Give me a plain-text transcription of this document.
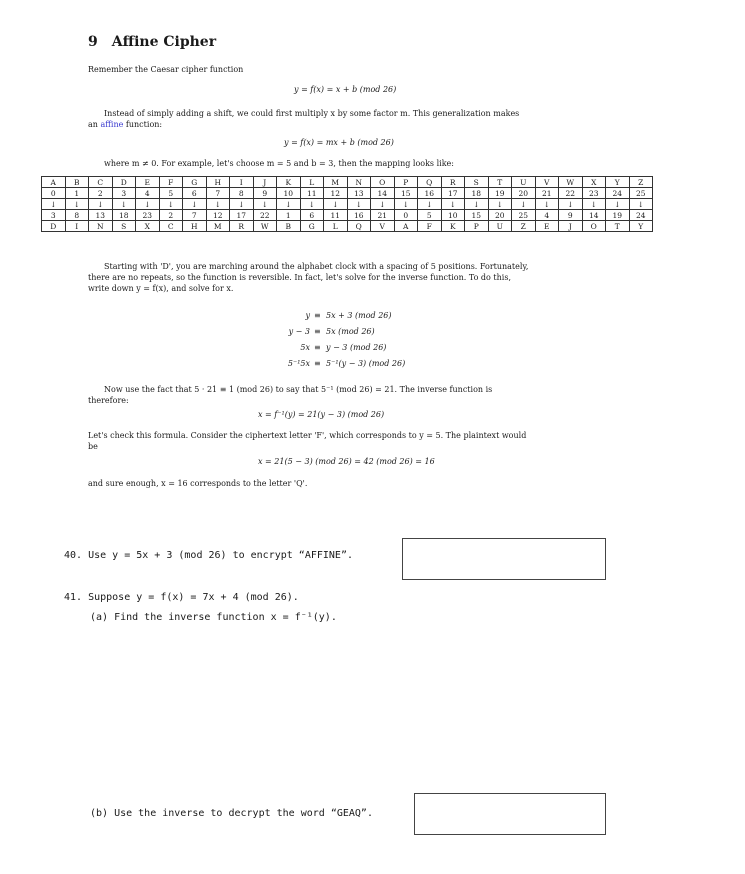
9 Affine Cipher
Remember the Caesar cipher function
y = f(x) = x + b (mod 26)
Instead of simply adding a shift, we could first multiply x by some factor m. This generalization makes
an affine function:
y = f(x) = mx + b (mod 26)
where m ≠ 0. For example, let's choose m = 5 and b = 3, then the mapping looks like:
A	B	C	D	E	F	G	H	I	J	K	L	M	N	O	P	Q	R	S	T	U	V	W	X	Y	Z
0	1	2	3	4	5	6	7	8	9	10	11	12	13	14	15	16	17	18	19	20	21	22	23	24	25
↓	↓	↓	↓	↓	↓	↓	↓	↓	↓	↓	↓	↓	↓	↓	↓	↓	↓	↓	↓	↓	↓	↓	↓	↓	↓
3	8	13	18	23	2	7	12	17	22	1	6	11	16	21	0	5	10	15	20	25	4	9	14	19	24
D	I	N	S	X	C	H	M	R	W	B	G	L	Q	V	A	F	K	P	U	Z	E	J	O	T	Y
Starting with 'D', you are marching around the alphabet clock with a spacing of 5 positions. Fortunately,
there are no repeats, so the function is reversible. In fact, let's solve for the inverse function. To do this,
write down y = f(x), and solve for x.
y ≡ 5x + 3 (mod 26)
y − 3 ≡ 5x (mod 26)
5x ≡ y − 3 (mod 26)
5⁻¹5x ≡ 5⁻¹(y − 3) (mod 26)
Now use the fact that 5 · 21 ≡ 1 (mod 26) to say that 5⁻¹ (mod 26) = 21. The inverse function is
therefore:
x = f⁻¹(y) = 21(y − 3) (mod 26)
Let's check this formula. Consider the ciphertext letter 'F', which corresponds to y = 5. The plaintext would
be
x = 21(5 − 3) (mod 26) = 42 (mod 26) = 16
and sure enough, x = 16 corresponds to the letter 'Q'.
40. Use y = 5x + 3 (mod 26) to encrypt “AFFINE”.
41. Suppose y = f(x) = 7x + 4 (mod 26).
(a) Find the inverse function x = f⁻¹(y).
(b) Use the inverse to decrypt the word “GEAQ”.
